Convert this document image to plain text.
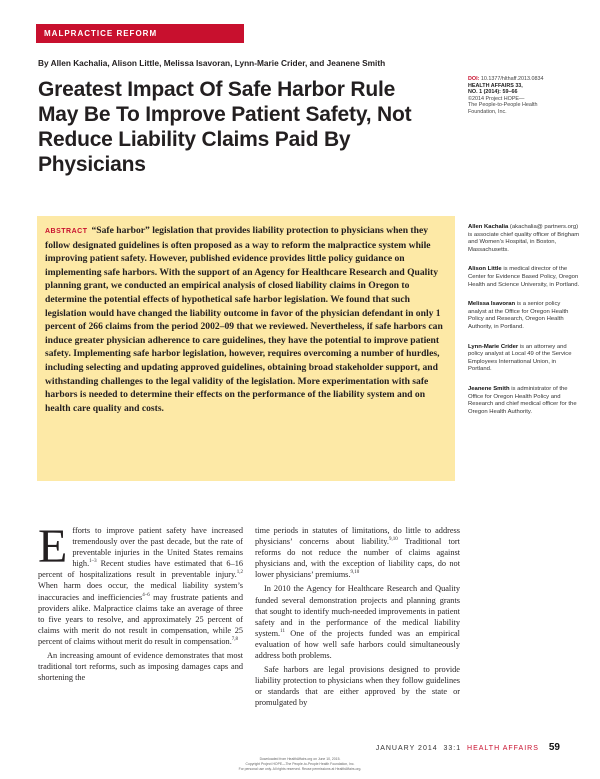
MALPRACTICE REFORM
By Allen Kachalia, Alison Little, Melissa Isavoran, Lynn-Marie Crider, and Jeanene Smith
Greatest Impact Of Safe Harbor Rule May Be To Improve Patient Safety, Not Reduce Liability Claims Paid By Physicians
DOI: 10.1377/hlthaff.2013.0834
HEALTH AFFAIRS 33,
NO. 1 (2014): 59–66
©2014 Project HOPE—
The People-to-People Health
Foundation, Inc.
ABSTRACT “Safe harbor” legislation that provides liability protection to physicians when they follow designated guidelines is often proposed as a way to reform the malpractice system while improving patient safety. However, published evidence provides little policy guidance on implementing safe harbors. With the support of an Agency for Healthcare Research and Quality planning grant, we conducted an empirical analysis of closed liability claims in Oregon to determine the potential effects of hypothetical safe harbor legislation. We found that such legislation would have changed the liability outcome in favor of the physician defendant in only 1 percent of 266 claims from the period 2002–09 that we reviewed. Nevertheless, if safe harbors can induce greater physician adherence to care guidelines, they have the potential to improve patient safety. Implementing safe harbor legislation, however, requires overcoming a number of hurdles, including selecting and updating approved guidelines, obtaining broad stakeholder support, and withstanding challenges to the legal validity of the legislation. More experimentation with safe harbors is needed to determine their effects on the performance of the liability system and on health care quality and costs.
Allen Kachalia (akachalia@ partners.org) is associate chief quality officer of Brigham and Women’s Hospital, in Boston, Massachusetts.
Alison Little is medical director of the Center for Evidence Based Policy, Oregon Health and Science University, in Portland.
Melissa Isavoran is a senior policy analyst at the Office for Oregon Health Policy and Research, Oregon Health Authority, in Portland.
Lynn-Marie Crider is an attorney and policy analyst at Local 49 of the Service Employees International Union, in Portland.
Jeanene Smith is administrator of the Office for Oregon Health Policy and Research and chief medical officer for the Oregon Health Authority.

Efforts to improve patient safety have increased tremendously over the past decade, but the rate of preventable injuries in the United States remains high.$^{1-3}$ Recent studies have estimated that 6–16 percent of hospitalizations result in preventable injury.$^{1,2}$ When harm does occur, the medical liability system’s inaccuracies and inefficiencies$^{4-6}$ may frustrate patients and providers alike. Malpractice claims take an average of three to five years to resolve, and approximately 25 percent of claims with merit do not result in compensation, while 25 percent of claims without merit do result in compensation.$^{7,8}$

An increasing amount of evidence demonstrates that most traditional tort reforms, such as imposing damages caps and shortening the

time periods in statutes of limitations, do little to address physicians’ concerns about liability.$^{9,10}$ Traditional tort reforms do not reduce the number of claims against physicians and, with the exception of liability caps, do not lower physicians’ premiums.$^{9,10}$

In 2010 the Agency for Healthcare Research and Quality funded several demonstration projects and planning grants that sought to identify much-needed improvements in patient safety and in the performance of the medical liability system.$^{11}$ One of the projects funded was an empirical evaluation of how well safe harbors could simultaneously address both problems.

Safe harbors are legal provisions designed to provide liability protection to physicians when they follow guidelines or standards that are either approved by the state or promulgated by

JANUARY 2014 33:1 HEALTH AFFAIRS 59
Downloaded from HealthAffairs.org on June 10, 2015.
Copyright Project HOPE—The People-to-People Health Foundation, Inc.
For personal use only. All rights reserved. Reuse permissions at HealthAffairs.org.
